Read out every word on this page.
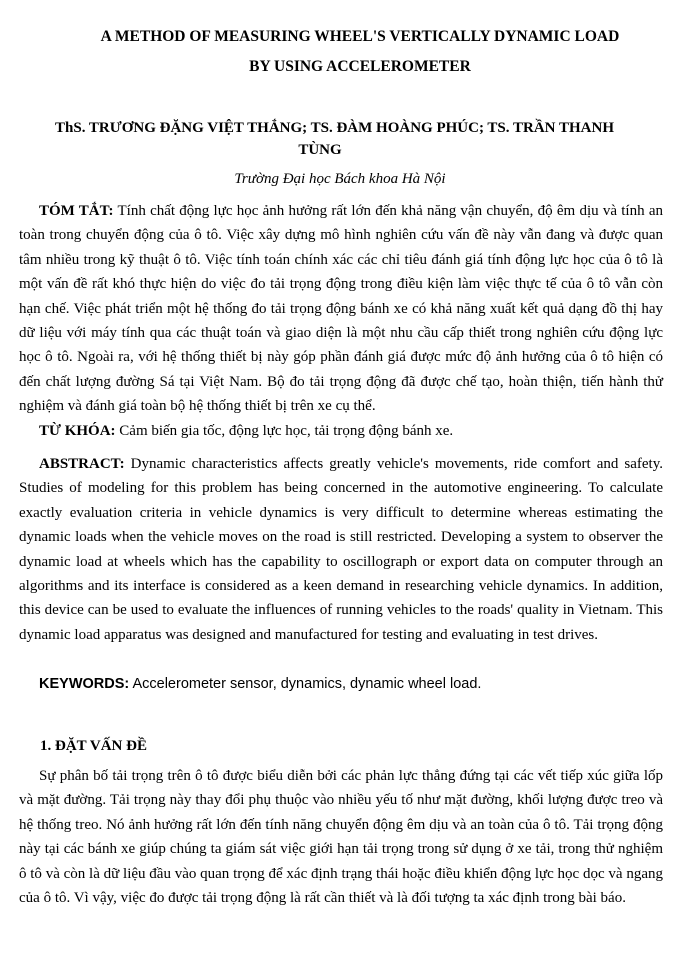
A METHOD OF MEASURING WHEEL'S VERTICALLY DYNAMIC LOAD
BY USING ACCELEROMETER
ThS. TRƯƠNG ĐẶNG VIỆT THẮNG; TS. ĐÀM HOÀNG PHÚC; TS. TRẦN THANH
TÙNG
Trường Đại học Bách khoa Hà Nội
TÓM TẮT: Tính chất động lực học ảnh hưởng rất lớn đến khả năng vận chuyển, độ êm dịu và tính an toàn trong chuyển động của ô tô. Việc xây dựng mô hình nghiên cứu vấn đề này vẫn đang và được quan tâm nhiều trong kỹ thuật ô tô. Việc tính toán chính xác các chỉ tiêu đánh giá tính động lực học của ô tô là một vấn đề rất khó thực hiện do việc đo tải trọng động trong điều kiện làm việc thực tế của ô tô vẫn còn hạn chế. Việc phát triển một hệ thống đo tải trọng động bánh xe có khả năng xuất kết quả dạng đồ thị hay dữ liệu với máy tính qua các thuật toán và giao diện là một nhu cầu cấp thiết trong nghiên cứu động lực học ô tô. Ngoài ra, với hệ thống thiết bị này góp phần đánh giá được mức độ ảnh hưởng của ô tô hiện có đến chất lượng đường Sá tại Việt Nam. Bộ đo tải trọng động đã được chế tạo, hoàn thiện, tiến hành thử nghiệm và đánh giá toàn bộ hệ thống thiết bị trên xe cụ thể.
TỪ KHÓA: Cảm biến gia tốc, động lực học, tải trọng động bánh xe.
ABSTRACT: Dynamic characteristics affects greatly vehicle's movements, ride comfort and safety. Studies of modeling for this problem has being concerned in the automotive engineering. To calculate exactly evaluation criteria in vehicle dynamics is very difficult to determine whereas estimating the dynamic loads when the vehicle moves on the road is still restricted. Developing a system to observer the dynamic load at wheels which has the capability to oscillograph or export data on computer through an algorithms and its interface is considered as a keen demand in researching vehicle dynamics. In addition, this device can be used to evaluate the influences of running vehicles to the roads' quality in Vietnam. This dynamic load apparatus was designed and manufactured for testing and evaluating in test drives.
KEYWORDS: Accelerometer sensor, dynamics, dynamic wheel load.
1. ĐẶT VẤN ĐỀ
Sự phân bố tải trọng trên ô tô được biểu diễn bởi các phản lực thẳng đứng tại các vết tiếp xúc giữa lốp và mặt đường. Tải trọng này thay đổi phụ thuộc vào nhiều yếu tố như mặt đường, khối lượng được treo và hệ thống treo. Nó ảnh hưởng rất lớn đến tính năng chuyển động êm dịu và an toàn của ô tô. Tải trọng động này tại các bánh xe giúp chúng ta giám sát việc giới hạn tải trọng trong sử dụng ở xe tải, trong thử nghiệm ô tô và còn là dữ liệu đầu vào quan trọng để xác định trạng thái hoặc điều khiển động lực học dọc và ngang của ô tô. Vì vậy, việc đo được tải trọng động là rất cần thiết và là đối tượng ta xác định trong bài báo.
